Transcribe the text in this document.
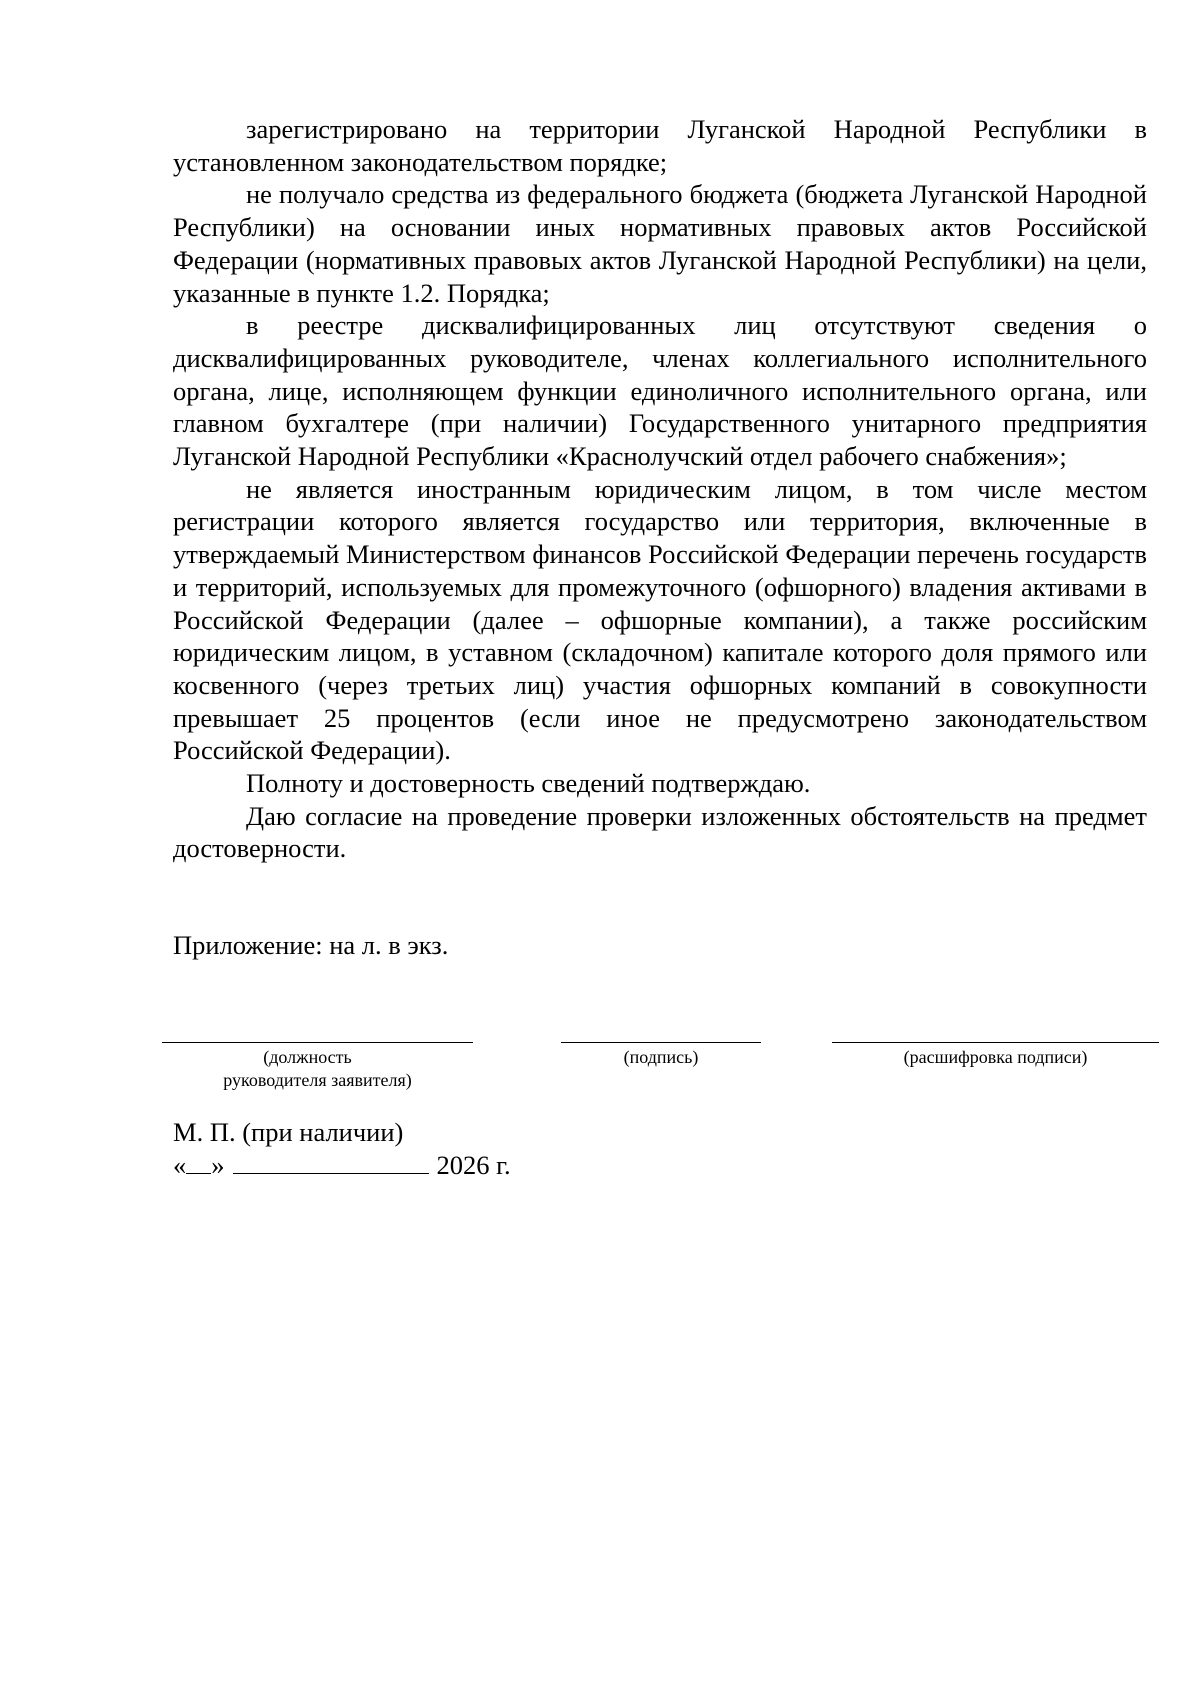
зарегистрировано на территории Луганской Народной Республики в установленном законодательством порядке;

не получало средства из федерального бюджета (бюджета Луганской Народной Республики) на основании иных нормативных правовых актов Российской Федерации (нормативных правовых актов Луганской Народной Республики) на цели, указанные в пункте 1.2. Порядка;

в реестре дисквалифицированных лиц отсутствуют сведения о дисквалифицированных руководителе, членах коллегиального исполнительного органа, лице, исполняющем функции единоличного исполнительного органа, или главном бухгалтере (при наличии) Государственного унитарного предприятия Луганской Народной Республики «Краснолучский отдел рабочего снабжения»;

не является иностранным юридическим лицом, в том числе местом регистрации которого является государство или территория, включенные в утверждаемый Министерством финансов Российской Федерации перечень государств и территорий, используемых для промежуточного (офшорного) владения активами в Российской Федерации (далее – офшорные компании), а также российским юридическим лицом, в уставном (складочном) капитале которого доля прямого или косвенного (через третьих лиц) участия офшорных компаний в совокупности превышает 25 процентов (если иное не предусмотрено законодательством Российской Федерации).

Полноту и достоверность сведений подтверждаю.

Даю согласие на проведение проверки изложенных обстоятельств на предмет достоверности.

Приложение: на л. в экз.

(должность
руководителя заявителя)
(подпись)	(расшифровка подписи)

М. П. (при наличии)

« »	2026 г.
